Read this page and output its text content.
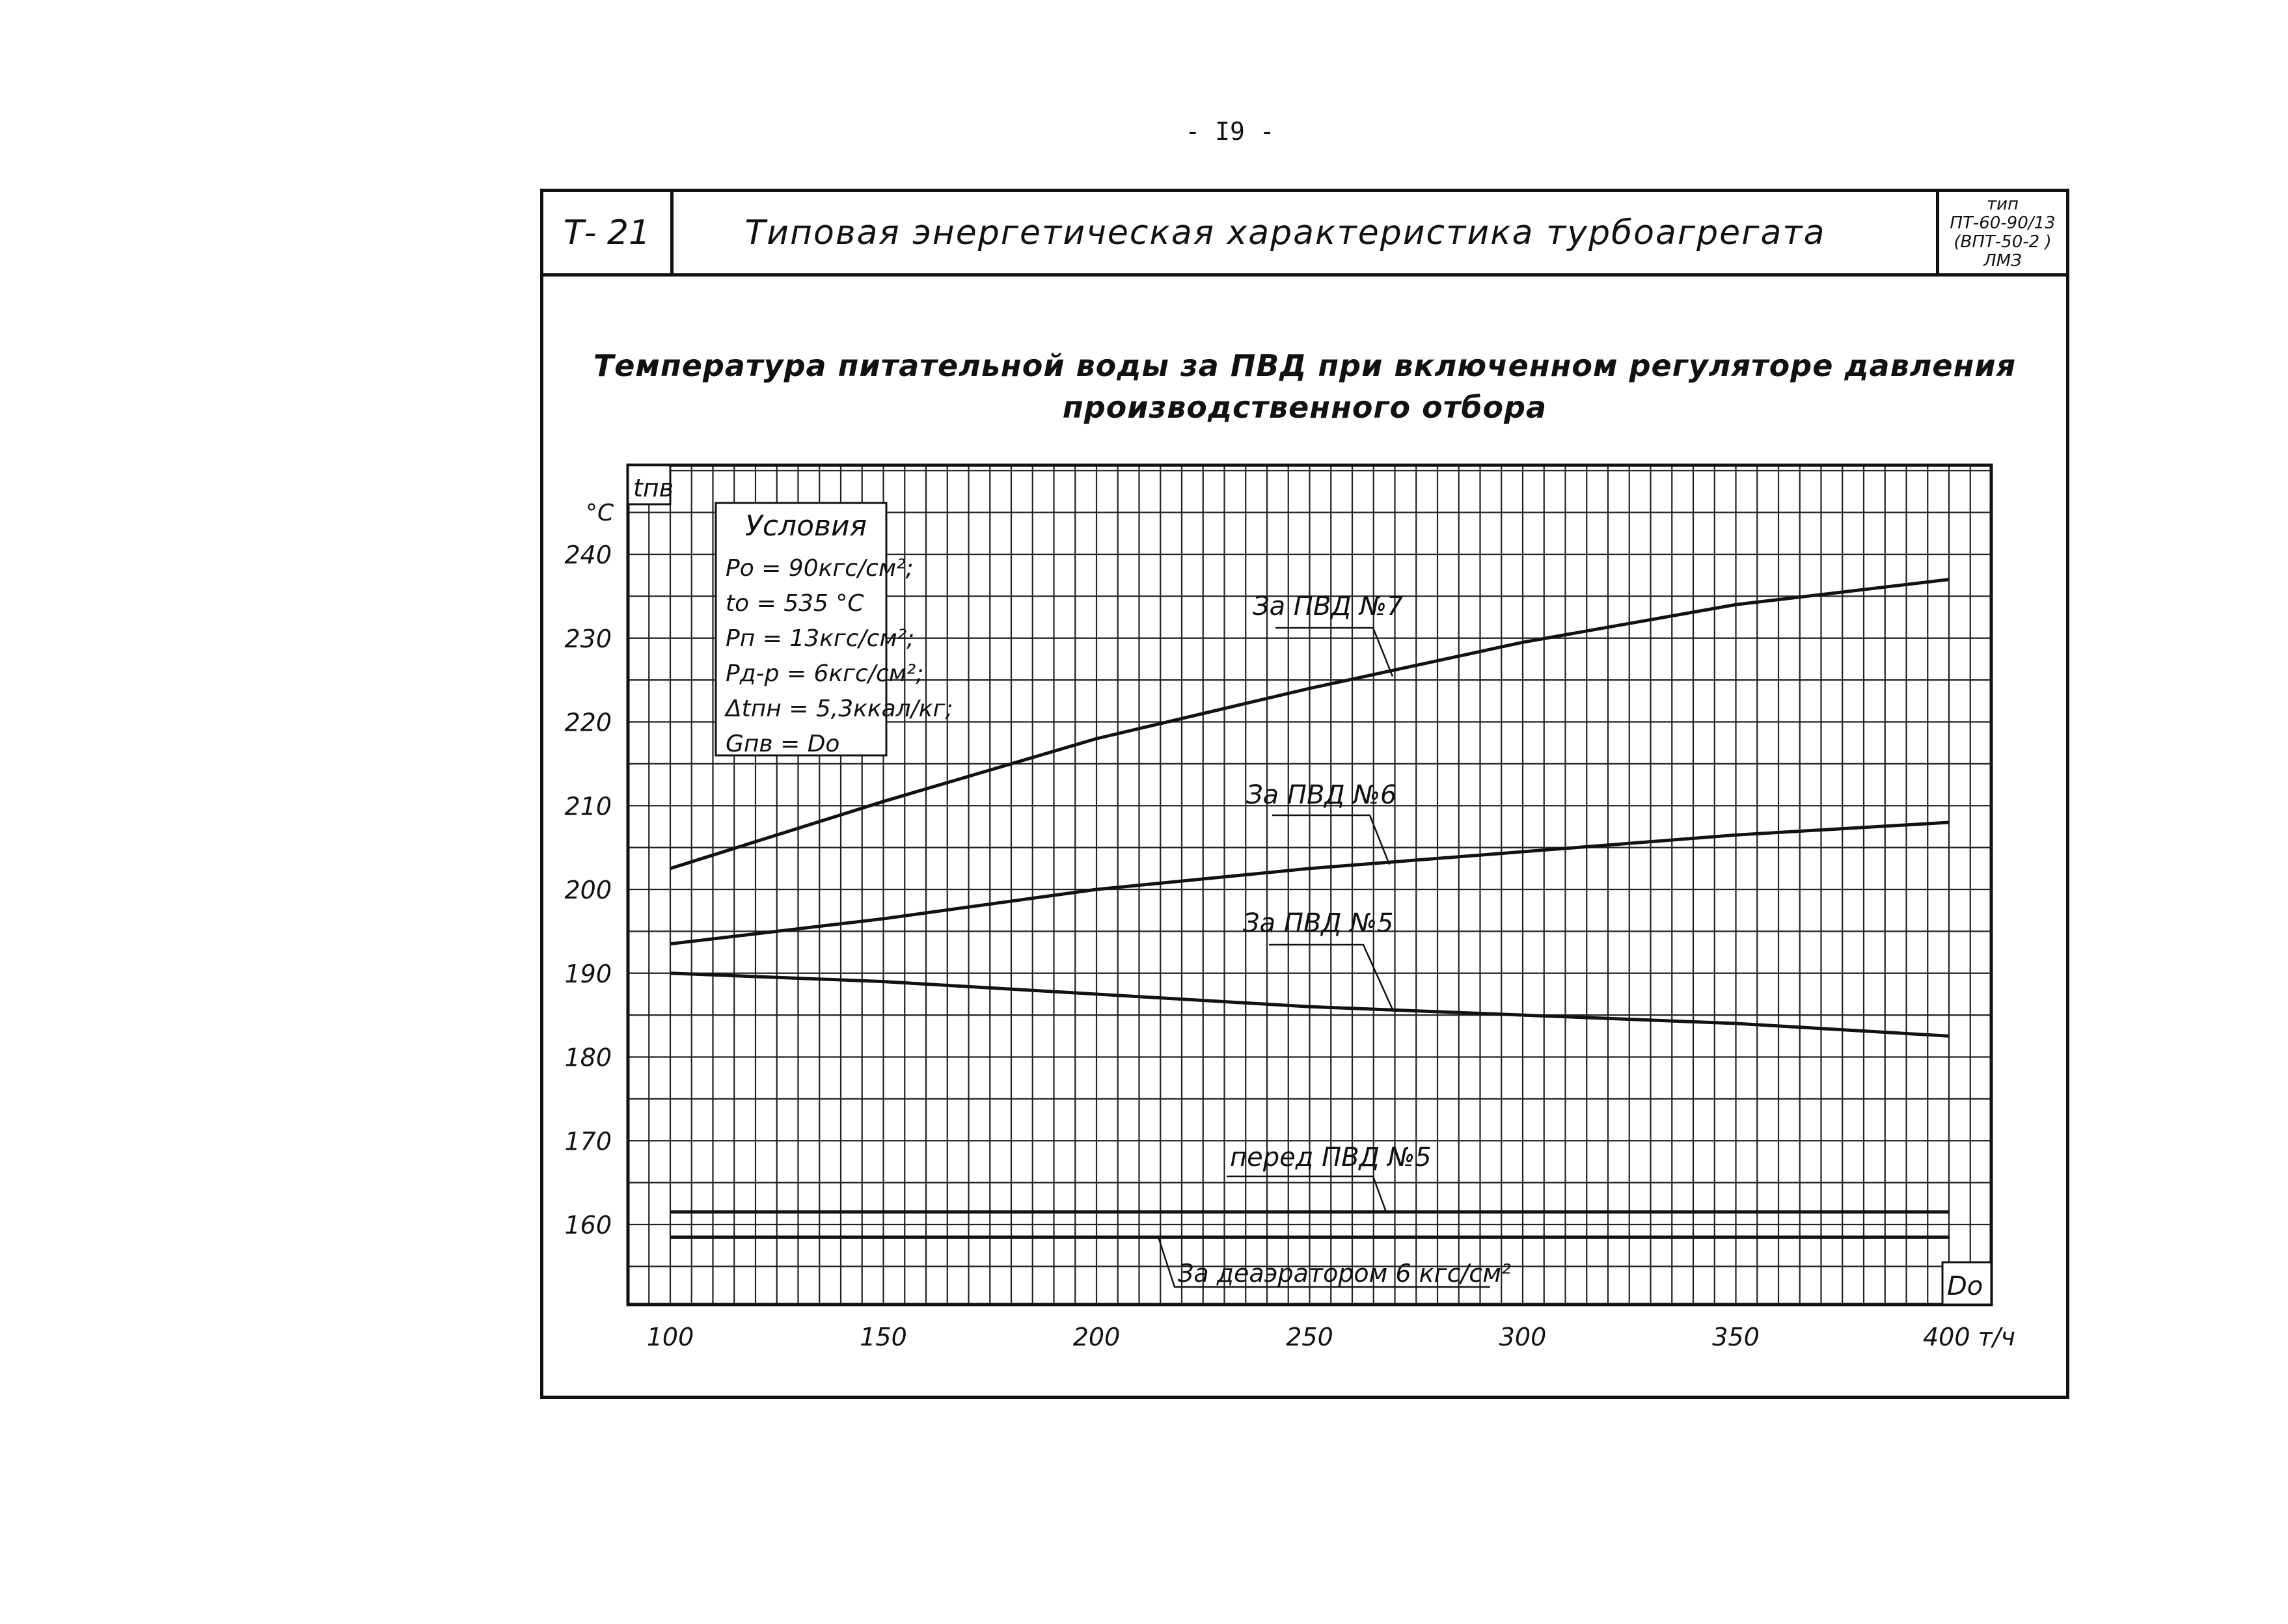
- I9 -
Т- 21	Типовая энергетическая характеристика турбоагрегата
тип
ПТ-60-90/13
(ВПТ-50-2 )
ЛМЗ
Температура питательной воды за ПВД при включенном регуляторе давления
производственного отбора
tпв
Do
°C
160
170
180
190
200
210
220
230
240
100	150	200	250	300	350	400 т/ч
Условия
Po = 90кгс/см²;
to = 535 °C
Pп = 13кгс/см²;
Pд-р = 6кгс/см²;
Δtпн = 5,3ккал/кг;
Gпв = Do
За ПВД №7
За ПВД №6
За ПВД №5
перед ПВД №5
За деаэратором 6 кгс/см²
